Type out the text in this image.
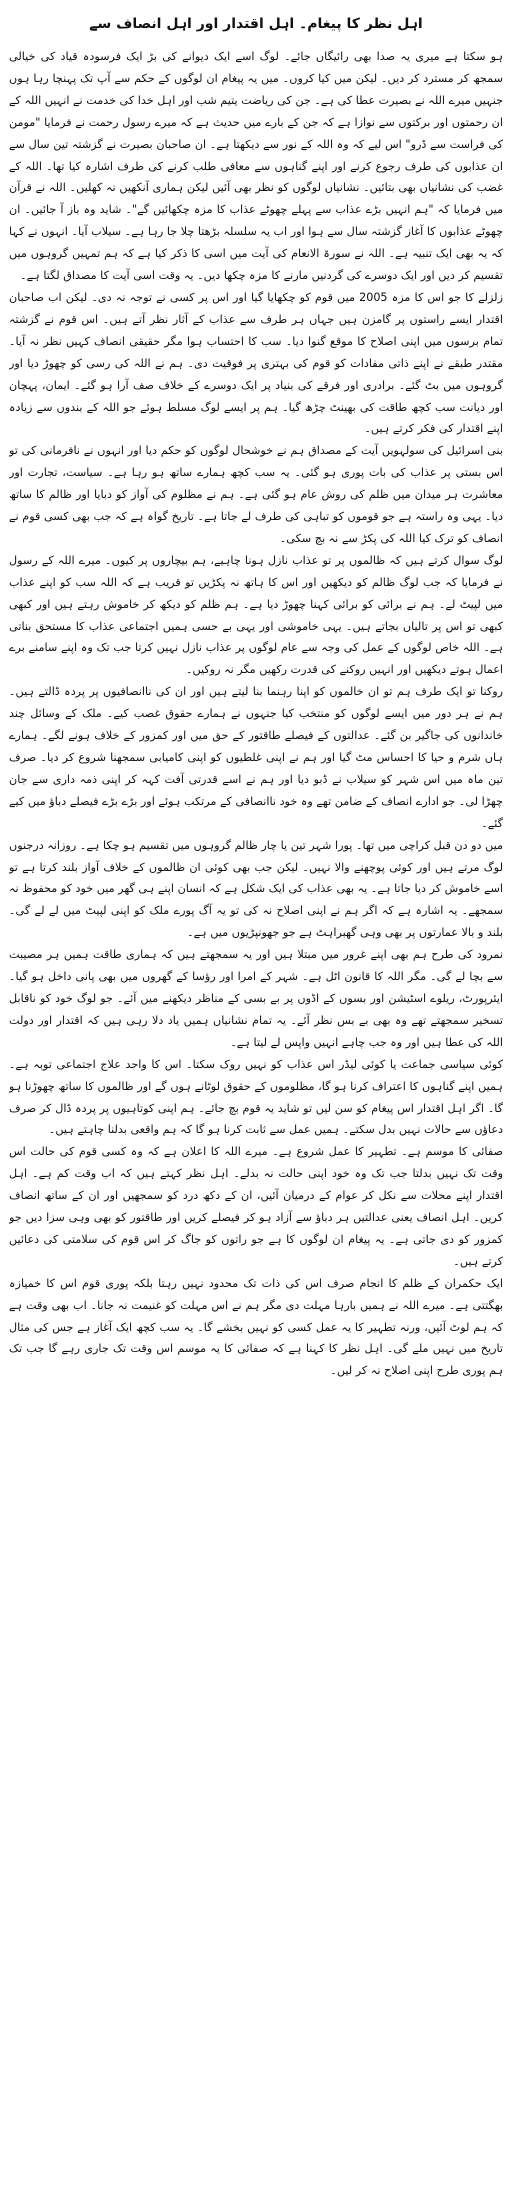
اہل نظر کا پیغام۔ اہل اقتدار اور اہل انصاف سے

ہو سکتا ہے میری یہ صدا بھی رائیگاں جائے۔ لوگ اسے ایک دیوانے کی بڑ ایک فرسودہ قیاد کی خیالی سمجھ کر مسترد کر دیں۔ لیکن میں کیا کروں۔ میں یہ پیغام ان لوگوں کے حکم سے آپ تک پہنچا رہا ہوں جنہیں میرے اللہ نے بصیرت عطا کی ہے۔ جن کی ریاضت یتیم شب اور اہل خدا کی خدمت نے انہیں اللہ کے ان رحمتوں اور برکتوں سے نوازا ہے کہ جن کے بارے میں حدیث ہے کہ میرے رسول رحمت نے فرمایا "مومن کی فراست سے ڈرو" اس لیے کہ وہ اللہ کے نور سے دیکھتا ہے۔ ان صاحبان بصیرت نے گزشتہ تین سال سے ان عذابوں کی طرف رجوع کرنے اور اپنے گناہوں سے معافی طلب کرنے کی طرف اشارہ کیا تھا۔ اللہ کے غضب کی نشانیاں بھی بتائیں۔ نشانیاں لوگوں کو نظر بھی آئیں لیکن ہماری آنکھیں نہ کھلیں۔ اللہ نے قرآن میں فرمایا کہ "ہم انہیں بڑے عذاب سے پہلے چھوٹے عذاب کا مزہ چکھائیں گے"۔ شاید وہ باز آ جائیں۔ ان چھوٹے عذابوں کا آغاز گزشتہ سال سے ہوا اور اب یہ سلسلہ بڑھتا چلا جا رہا ہے۔ سیلاب آیا۔ انہوں نے کہا کہ یہ بھی ایک تنبیہ ہے۔ اللہ نے سورۃ الانعام کی آیت میں اسی کا ذکر کیا ہے کہ ہم تمہیں گروہوں میں تقسیم کر دیں اور ایک دوسرے کی گردنیں مارنے کا مزہ چکھا دیں۔ یہ وقت اسی آیت کا مصداق لگتا ہے۔

زلزلے کا جو اس کا مزہ 2005 میں قوم کو چکھایا گیا اور اس پر کسی نے توجہ نہ دی۔ لیکن اب صاحبان اقتدار ایسے راستوں پر گامزن ہیں جہاں ہر طرف سے عذاب کے آثار نظر آتے ہیں۔ اس قوم نے گزشتہ تمام برسوں میں اپنی اصلاح کا موقع گنوا دیا۔ سب کا احتساب ہوا مگر حقیقی انصاف کہیں نظر نہ آیا۔ مقتدر طبقے نے اپنے ذاتی مفادات کو قوم کی بہتری پر فوقیت دی۔ ہم نے اللہ کی رسی کو چھوڑ دیا اور گروہوں میں بٹ گئے۔ برادری اور فرقے کی بنیاد پر ایک دوسرے کے خلاف صف آرا ہو گئے۔ ایمان، پہچان اور دیانت سب کچھ طاقت کی بھینٹ چڑھ گیا۔ ہم پر ایسے لوگ مسلط ہوئے جو اللہ کے بندوں سے زیادہ اپنے اقتدار کی فکر کرتے ہیں۔

بنی اسرائیل کی سولہویں آیت کے مصداق ہم نے خوشحال لوگوں کو حکم دیا اور انہوں نے نافرمانی کی تو اس بستی پر عذاب کی بات پوری ہو گئی۔ یہ سب کچھ ہمارے ساتھ ہو رہا ہے۔ سیاست، تجارت اور معاشرت ہر میدان میں ظلم کی روش عام ہو گئی ہے۔ ہم نے مظلوم کی آواز کو دبایا اور ظالم کا ساتھ دیا۔ یہی وہ راستہ ہے جو قوموں کو تباہی کی طرف لے جاتا ہے۔ تاریخ گواہ ہے کہ جب بھی کسی قوم نے انصاف کو ترک کیا اللہ کی پکڑ سے نہ بچ سکی۔

لوگ سوال کرتے ہیں کہ ظالموں پر تو عذاب نازل ہونا چاہیے، ہم بیچاروں پر کیوں۔ میرے اللہ کے رسول نے فرمایا کہ جب لوگ ظالم کو دیکھیں اور اس کا ہاتھ نہ پکڑیں تو قریب ہے کہ اللہ سب کو اپنے عذاب میں لپیٹ لے۔ ہم نے برائی کو برائی کہنا چھوڑ دیا ہے۔ ہم ظلم کو دیکھ کر خاموش رہتے ہیں اور کبھی کبھی تو اس پر تالیاں بجاتے ہیں۔ یہی خاموشی اور یہی بے حسی ہمیں اجتماعی عذاب کا مستحق بناتی ہے۔ اللہ خاص لوگوں کے عمل کی وجہ سے عام لوگوں پر عذاب نازل نہیں کرتا جب تک وہ اپنے سامنے برے اعمال ہوتے دیکھیں اور انہیں روکنے کی قدرت رکھیں مگر نہ روکیں۔

روکنا تو ایک طرف ہم تو ان خالموں کو اپنا رہنما بنا لیتے ہیں اور ان کی ناانصافیوں پر پردہ ڈالتے ہیں۔ ہم نے ہر دور میں ایسے لوگوں کو منتخب کیا جنہوں نے ہمارے حقوق غصب کیے۔ ملک کے وسائل چند خاندانوں کی جاگیر بن گئے۔ عدالتوں کے فیصلے طاقتور کے حق میں اور کمزور کے خلاف ہونے لگے۔ ہمارے ہاں شرم و حیا کا احساس مٹ گیا اور ہم نے اپنی غلطیوں کو اپنی کامیابی سمجھنا شروع کر دیا۔ صرف تین ماہ میں اس شہر کو سیلاب نے ڈبو دیا اور ہم نے اسے قدرتی آفت کہہ کر اپنی ذمہ داری سے جان چھڑا لی۔ جو ادارے انصاف کے ضامن تھے وہ خود ناانصافی کے مرتکب ہوئے اور بڑے بڑے فیصلے دباؤ میں کیے گئے۔

میں دو دن قبل کراچی میں تھا۔ پورا شہر تین یا چار ظالم گروہوں میں تقسیم ہو چکا ہے۔ روزانہ درجنوں لوگ مرتے ہیں اور کوئی پوچھنے والا نہیں۔ لیکن جب بھی کوئی ان ظالموں کے خلاف آواز بلند کرتا ہے تو اسے خاموش کر دیا جاتا ہے۔ یہ بھی عذاب کی ایک شکل ہے کہ انسان اپنے ہی گھر میں خود کو محفوظ نہ سمجھے۔ یہ اشارہ ہے کہ اگر ہم نے اپنی اصلاح نہ کی تو یہ آگ پورے ملک کو اپنی لپیٹ میں لے لے گی۔ بلند و بالا عمارتوں پر بھی وہی گھبراہٹ ہے جو جھونپڑیوں میں ہے۔

نمرود کی طرح ہم بھی اپنے غرور میں مبتلا ہیں اور یہ سمجھتے ہیں کہ ہماری طاقت ہمیں ہر مصیبت سے بچا لے گی۔ مگر اللہ کا قانون اٹل ہے۔ شہر کے امرا اور رؤسا کے گھروں میں بھی پانی داخل ہو گیا۔ ایئرپورٹ، ریلوے اسٹیشن اور بسوں کے اڈوں پر بے بسی کے مناظر دیکھنے میں آئے۔ جو لوگ خود کو ناقابل تسخیر سمجھتے تھے وہ بھی بے بس نظر آئے۔ یہ تمام نشانیاں ہمیں یاد دلا رہی ہیں کہ اقتدار اور دولت اللہ کی عطا ہیں اور وہ جب چاہے انہیں واپس لے لیتا ہے۔

کوئی سیاسی جماعت یا کوئی لیڈر اس عذاب کو نہیں روک سکتا۔ اس کا واحد علاج اجتماعی توبہ ہے۔ ہمیں اپنے گناہوں کا اعتراف کرنا ہو گا، مظلوموں کے حقوق لوٹانے ہوں گے اور ظالموں کا ساتھ چھوڑنا ہو گا۔ اگر اہل اقتدار اس پیغام کو سن لیں تو شاید یہ قوم بچ جائے۔ ہم اپنی کوتاہیوں پر پردہ ڈال کر صرف دعاؤں سے حالات نہیں بدل سکتے۔ ہمیں عمل سے ثابت کرنا ہو گا کہ ہم واقعی بدلنا چاہتے ہیں۔

صفائی کا موسم ہے۔ تطہیر کا عمل شروع ہے۔ میرے اللہ کا اعلان ہے کہ وہ کسی قوم کی حالت اس وقت تک نہیں بدلتا جب تک وہ خود اپنی حالت نہ بدلے۔ اہل نظر کہتے ہیں کہ اب وقت کم ہے۔ اہل اقتدار اپنے محلات سے نکل کر عوام کے درمیان آئیں، ان کے دکھ درد کو سمجھیں اور ان کے ساتھ انصاف کریں۔ اہل انصاف یعنی عدالتیں ہر دباؤ سے آزاد ہو کر فیصلے کریں اور طاقتور کو بھی وہی سزا دیں جو کمزور کو دی جاتی ہے۔ یہ پیغام ان لوگوں کا ہے جو راتوں کو جاگ کر اس قوم کی سلامتی کی دعائیں کرتے ہیں۔

ایک حکمران کے ظلم کا انجام صرف اس کی ذات تک محدود نہیں رہتا بلکہ پوری قوم اس کا خمیازہ بھگتتی ہے۔ میرے اللہ نے ہمیں بارہا مہلت دی مگر ہم نے اس مہلت کو غنیمت نہ جانا۔ اب بھی وقت ہے کہ ہم لوٹ آئیں، ورنہ تطہیر کا یہ عمل کسی کو نہیں بخشے گا۔ یہ سب کچھ ایک آغاز ہے جس کی مثال تاریخ میں نہیں ملے گی۔ اہل نظر کا کہنا ہے کہ صفائی کا یہ موسم اس وقت تک جاری رہے گا جب تک ہم پوری طرح اپنی اصلاح نہ کر لیں۔
